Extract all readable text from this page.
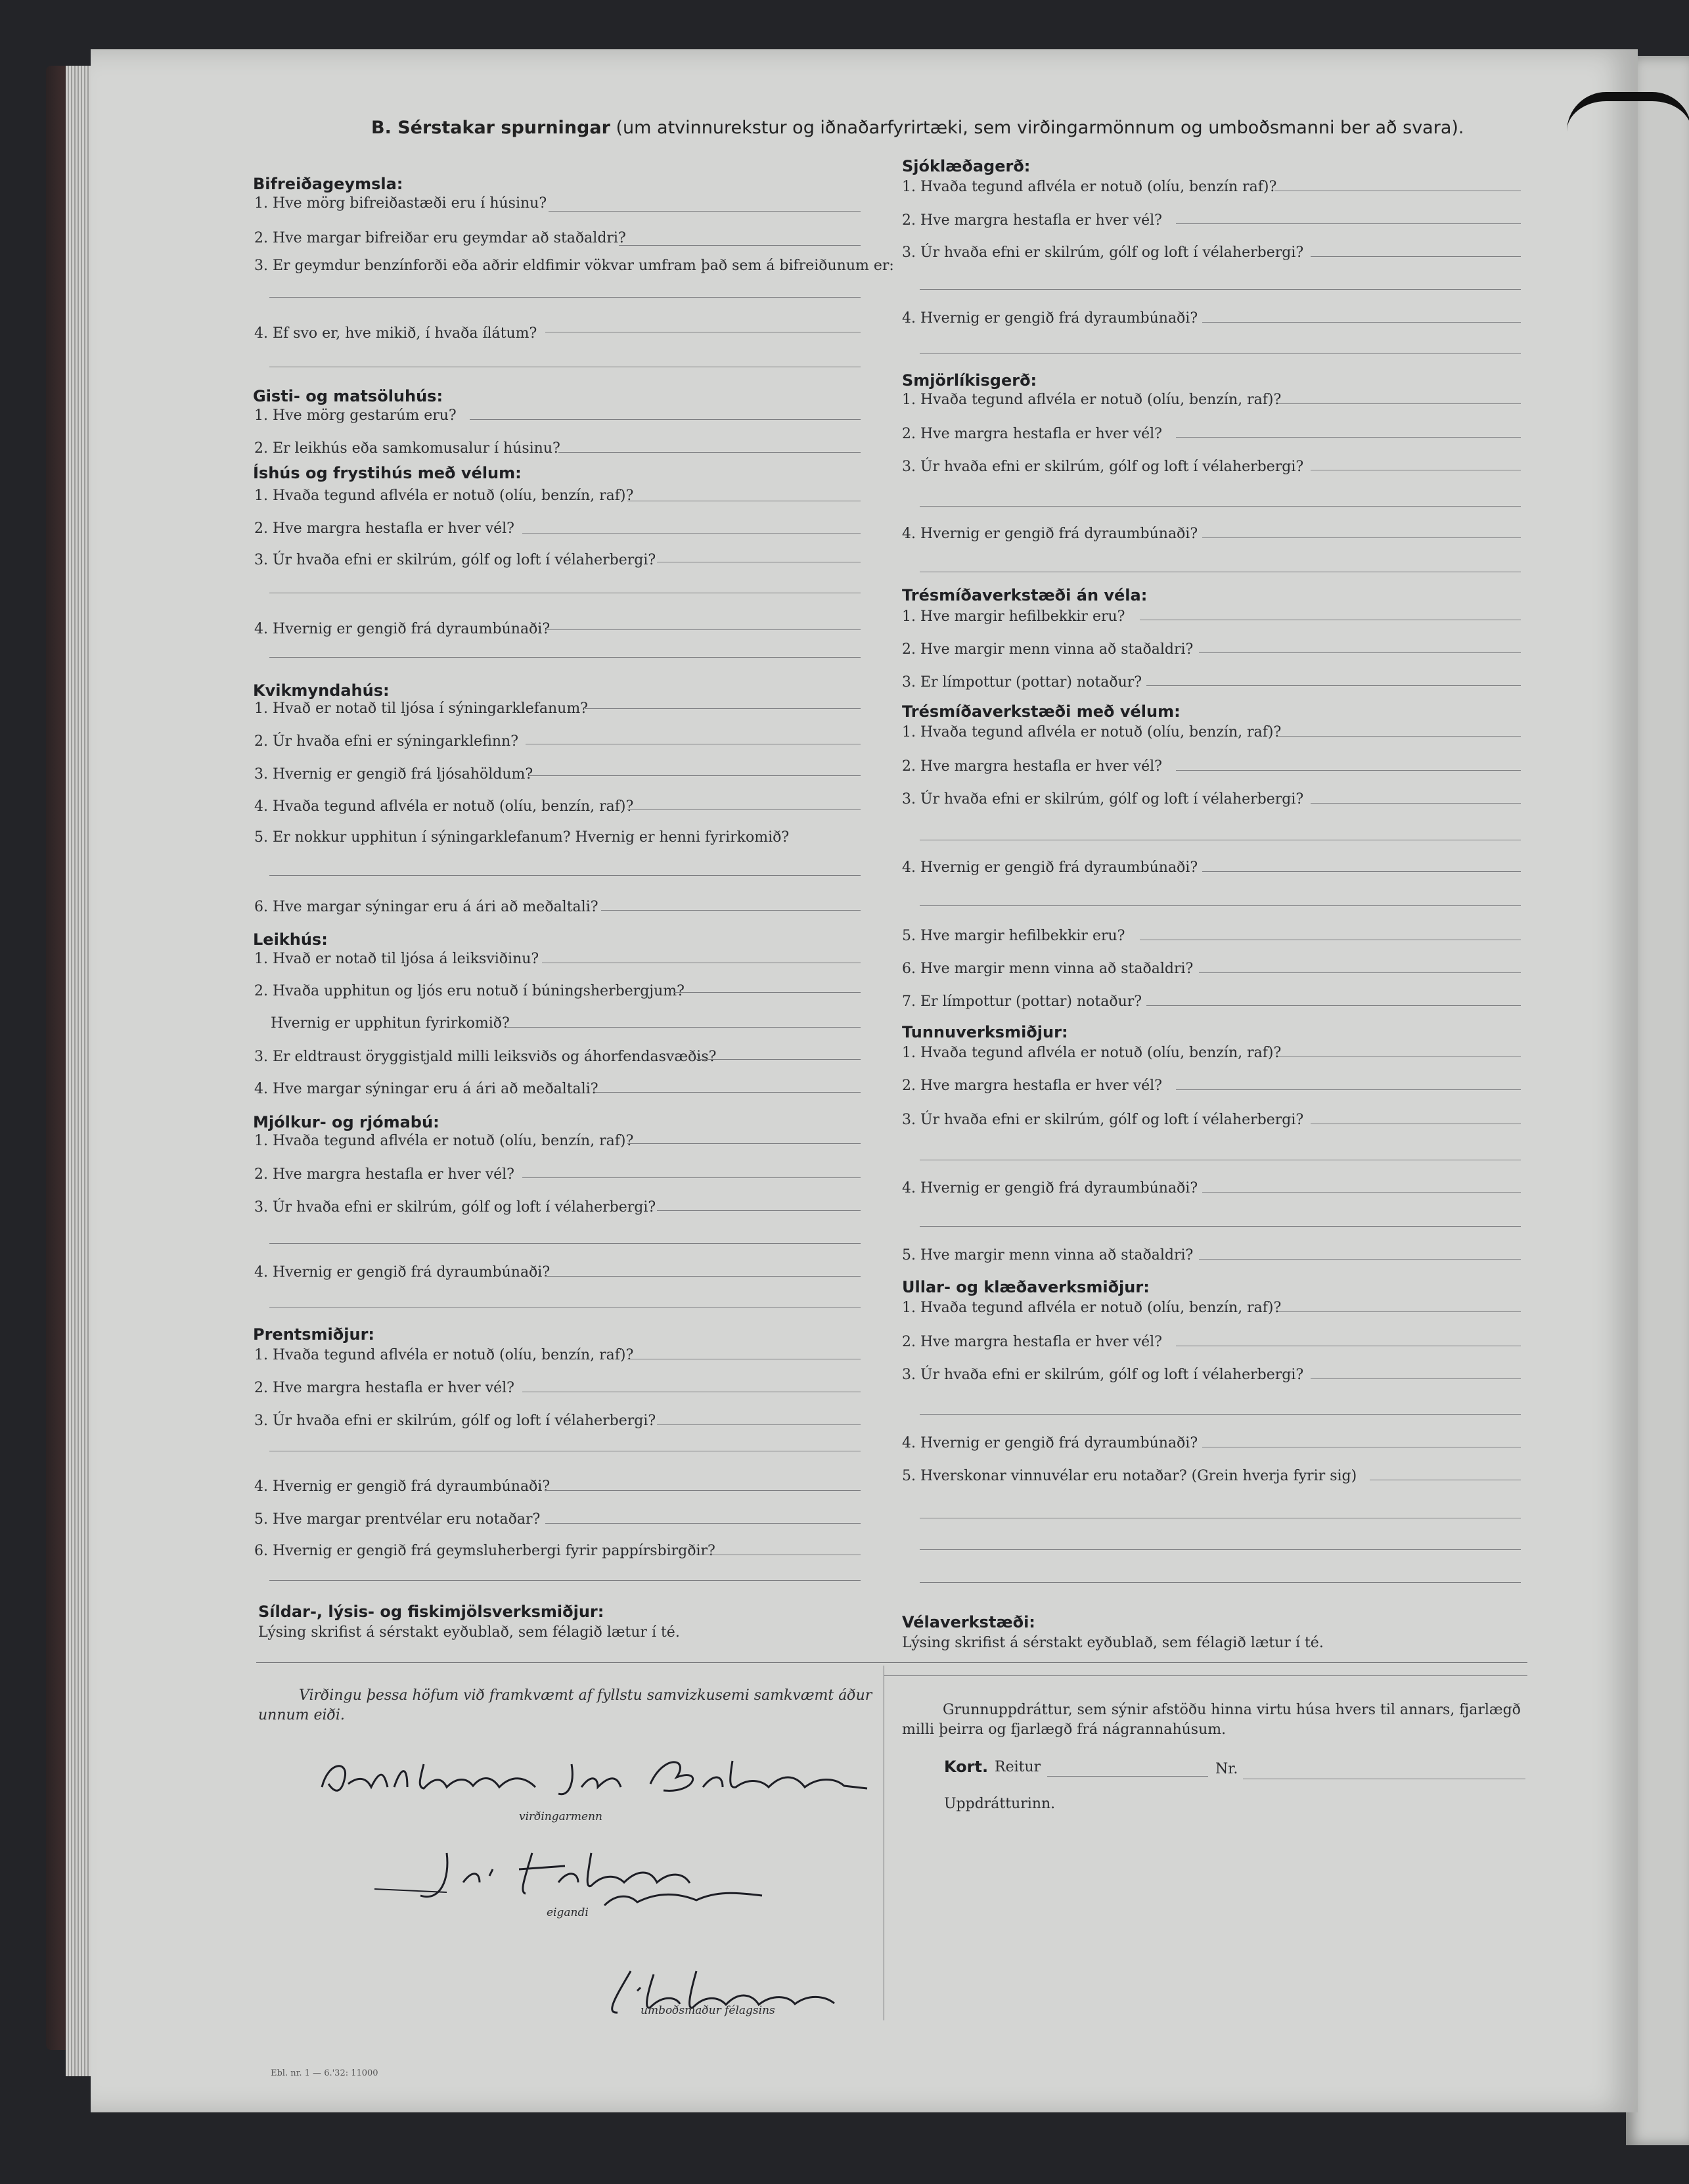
B. Sérstakar spurningar (um atvinnurekstur og iðnaðarfyrirtæki, sem virðingarmönnum og umboðsmanni ber að svara).
Bifreiðageymsla:
1. Hve mörg bifreiðastæði eru í húsinu?
2. Hve margar bifreiðar eru geymdar að staðaldri?
3. Er geymdur benzínforði eða aðrir eldfimir vökvar umfram það sem á bifreiðunum er:
4. Ef svo er, hve mikið, í hvaða ílátum?
Gisti- og matsöluhús:
1. Hve mörg gestarúm eru?
2. Er leikhús eða samkomusalur í húsinu?
Íshús og frystihús með vélum:
1. Hvaða tegund aflvéla er notuð (olíu, benzín, raf)?
2. Hve margra hestafla er hver vél?
3. Úr hvaða efni er skilrúm, gólf og loft í vélaherbergi?
4. Hvernig er gengið frá dyraumbúnaði?
Kvikmyndahús:
1. Hvað er notað til ljósa í sýningarklefanum?
2. Úr hvaða efni er sýningarklefinn?
3. Hvernig er gengið frá ljósahöldum?
4. Hvaða tegund aflvéla er notuð (olíu, benzín, raf)?
5. Er nokkur upphitun í sýningarklefanum? Hvernig er henni fyrirkomið?
6. Hve margar sýningar eru á ári að meðaltali?
Leikhús:
1. Hvað er notað til ljósa á leiksviðinu?
2. Hvaða upphitun og ljós eru notuð í búningsherbergjum?
Hvernig er upphitun fyrirkomið?
3. Er eldtraust öryggistjald milli leiksviðs og áhorfendasvæðis?
4. Hve margar sýningar eru á ári að meðaltali?
Mjólkur- og rjómabú:
1. Hvaða tegund aflvéla er notuð (olíu, benzín, raf)?
2. Hve margra hestafla er hver vél?
3. Úr hvaða efni er skilrúm, gólf og loft í vélaherbergi?
4. Hvernig er gengið frá dyraumbúnaði?
Prentsmiðjur:
1. Hvaða tegund aflvéla er notuð (olíu, benzín, raf)?
2. Hve margra hestafla er hver vél?
3. Úr hvaða efni er skilrúm, gólf og loft í vélaherbergi?
4. Hvernig er gengið frá dyraumbúnaði?
5. Hve margar prentvélar eru notaðar?
6. Hvernig er gengið frá geymsluherbergi fyrir pappírsbirgðir?
Síldar-, lýsis- og fiskimjölsverksmiðjur:
Lýsing skrifist á sérstakt eyðublað, sem félagið lætur í té.
Sjóklæðagerð:
1. Hvaða tegund aflvéla er notuð (olíu, benzín raf)?
2. Hve margra hestafla er hver vél?
3. Úr hvaða efni er skilrúm, gólf og loft í vélaherbergi?
4. Hvernig er gengið frá dyraumbúnaði?
Smjörlíkisgerð:
1. Hvaða tegund aflvéla er notuð (olíu, benzín, raf)?
2. Hve margra hestafla er hver vél?
3. Úr hvaða efni er skilrúm, gólf og loft í vélaherbergi?
4. Hvernig er gengið frá dyraumbúnaði?
Trésmíðaverkstæði án véla:
1. Hve margir hefilbekkir eru?
2. Hve margir menn vinna að staðaldri?
3. Er límpottur (pottar) notaður?
Trésmíðaverkstæði með vélum:
1. Hvaða tegund aflvéla er notuð (olíu, benzín, raf)?
2. Hve margra hestafla er hver vél?
3. Úr hvaða efni er skilrúm, gólf og loft í vélaherbergi?
4. Hvernig er gengið frá dyraumbúnaði?
5. Hve margir hefilbekkir eru?
6. Hve margir menn vinna að staðaldri?
7. Er límpottur (pottar) notaður?
Tunnuverksmiðjur:
1. Hvaða tegund aflvéla er notuð (olíu, benzín, raf)?
2. Hve margra hestafla er hver vél?
3. Úr hvaða efni er skilrúm, gólf og loft í vélaherbergi?
4. Hvernig er gengið frá dyraumbúnaði?
5. Hve margir menn vinna að staðaldri?
Ullar- og klæðaverksmiðjur:
1. Hvaða tegund aflvéla er notuð (olíu, benzín, raf)?
2. Hve margra hestafla er hver vél?
3. Úr hvaða efni er skilrúm, gólf og loft í vélaherbergi?
4. Hvernig er gengið frá dyraumbúnaði?
5. Hverskonar vinnuvélar eru notaðar? (Grein hverja fyrir sig)
Vélaverkstæði:
Lýsing skrifist á sérstakt eyðublað, sem félagið lætur í té.
Virðingu þessa höfum við framkvæmt af fyllstu samvizkusemi samkvæmt áður
unnum eiði.
virðingarmenn
eigandi
umboðsmaður félagsins
Grunnuppdráttur, sem sýnir afstöðu hinna virtu húsa hvers til annars, fjarlægð
milli þeirra og fjarlægð frá nágrannahúsum.
Kort. Reitur	Nr.
Uppdrátturinn.
Ebl. nr. 1 — 6.'32: 11000
